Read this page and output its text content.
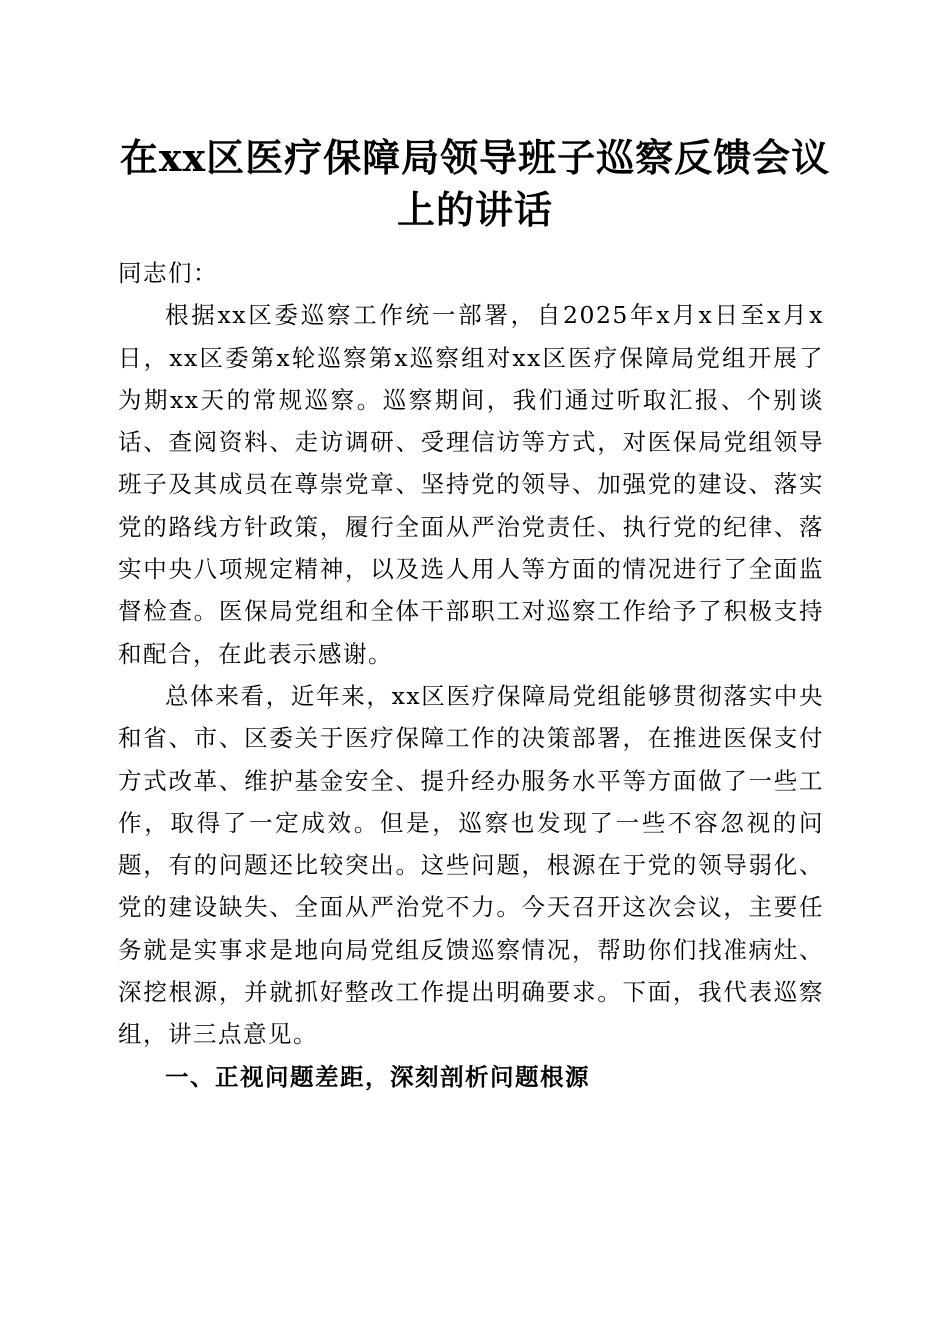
在xx区医疗保障局领导班子巡察反馈会议上的讲话

同志们：

根据xx区委巡察工作统一部署，自2025年x月x日至x月x日，xx区委第x轮巡察第x巡察组对xx区医疗保障局党组开展了为期xx天的常规巡察。巡察期间，我们通过听取汇报、个别谈话、查阅资料、走访调研、受理信访等方式，对医保局党组领导班子及其成员在尊崇党章、坚持党的领导、加强党的建设、落实党的路线方针政策，履行全面从严治党责任、执行党的纪律、落实中央八项规定精神，以及选人用人等方面的情况进行了全面监督检查。医保局党组和全体干部职工对巡察工作给予了积极支持和配合，在此表示感谢。

总体来看，近年来，xx区医疗保障局党组能够贯彻落实中央和省、市、区委关于医疗保障工作的决策部署，在推进医保支付方式改革、维护基金安全、提升经办服务水平等方面做了一些工作，取得了一定成效。但是，巡察也发现了一些不容忽视的问题，有的问题还比较突出。这些问题，根源在于党的领导弱化、党的建设缺失、全面从严治党不力。今天召开这次会议，主要任务就是实事求是地向局党组反馈巡察情况，帮助你们找准病灶、深挖根源，并就抓好整改工作提出明确要求。下面，我代表巡察组，讲三点意见。

一、正视问题差距，深刻剖析问题根源
